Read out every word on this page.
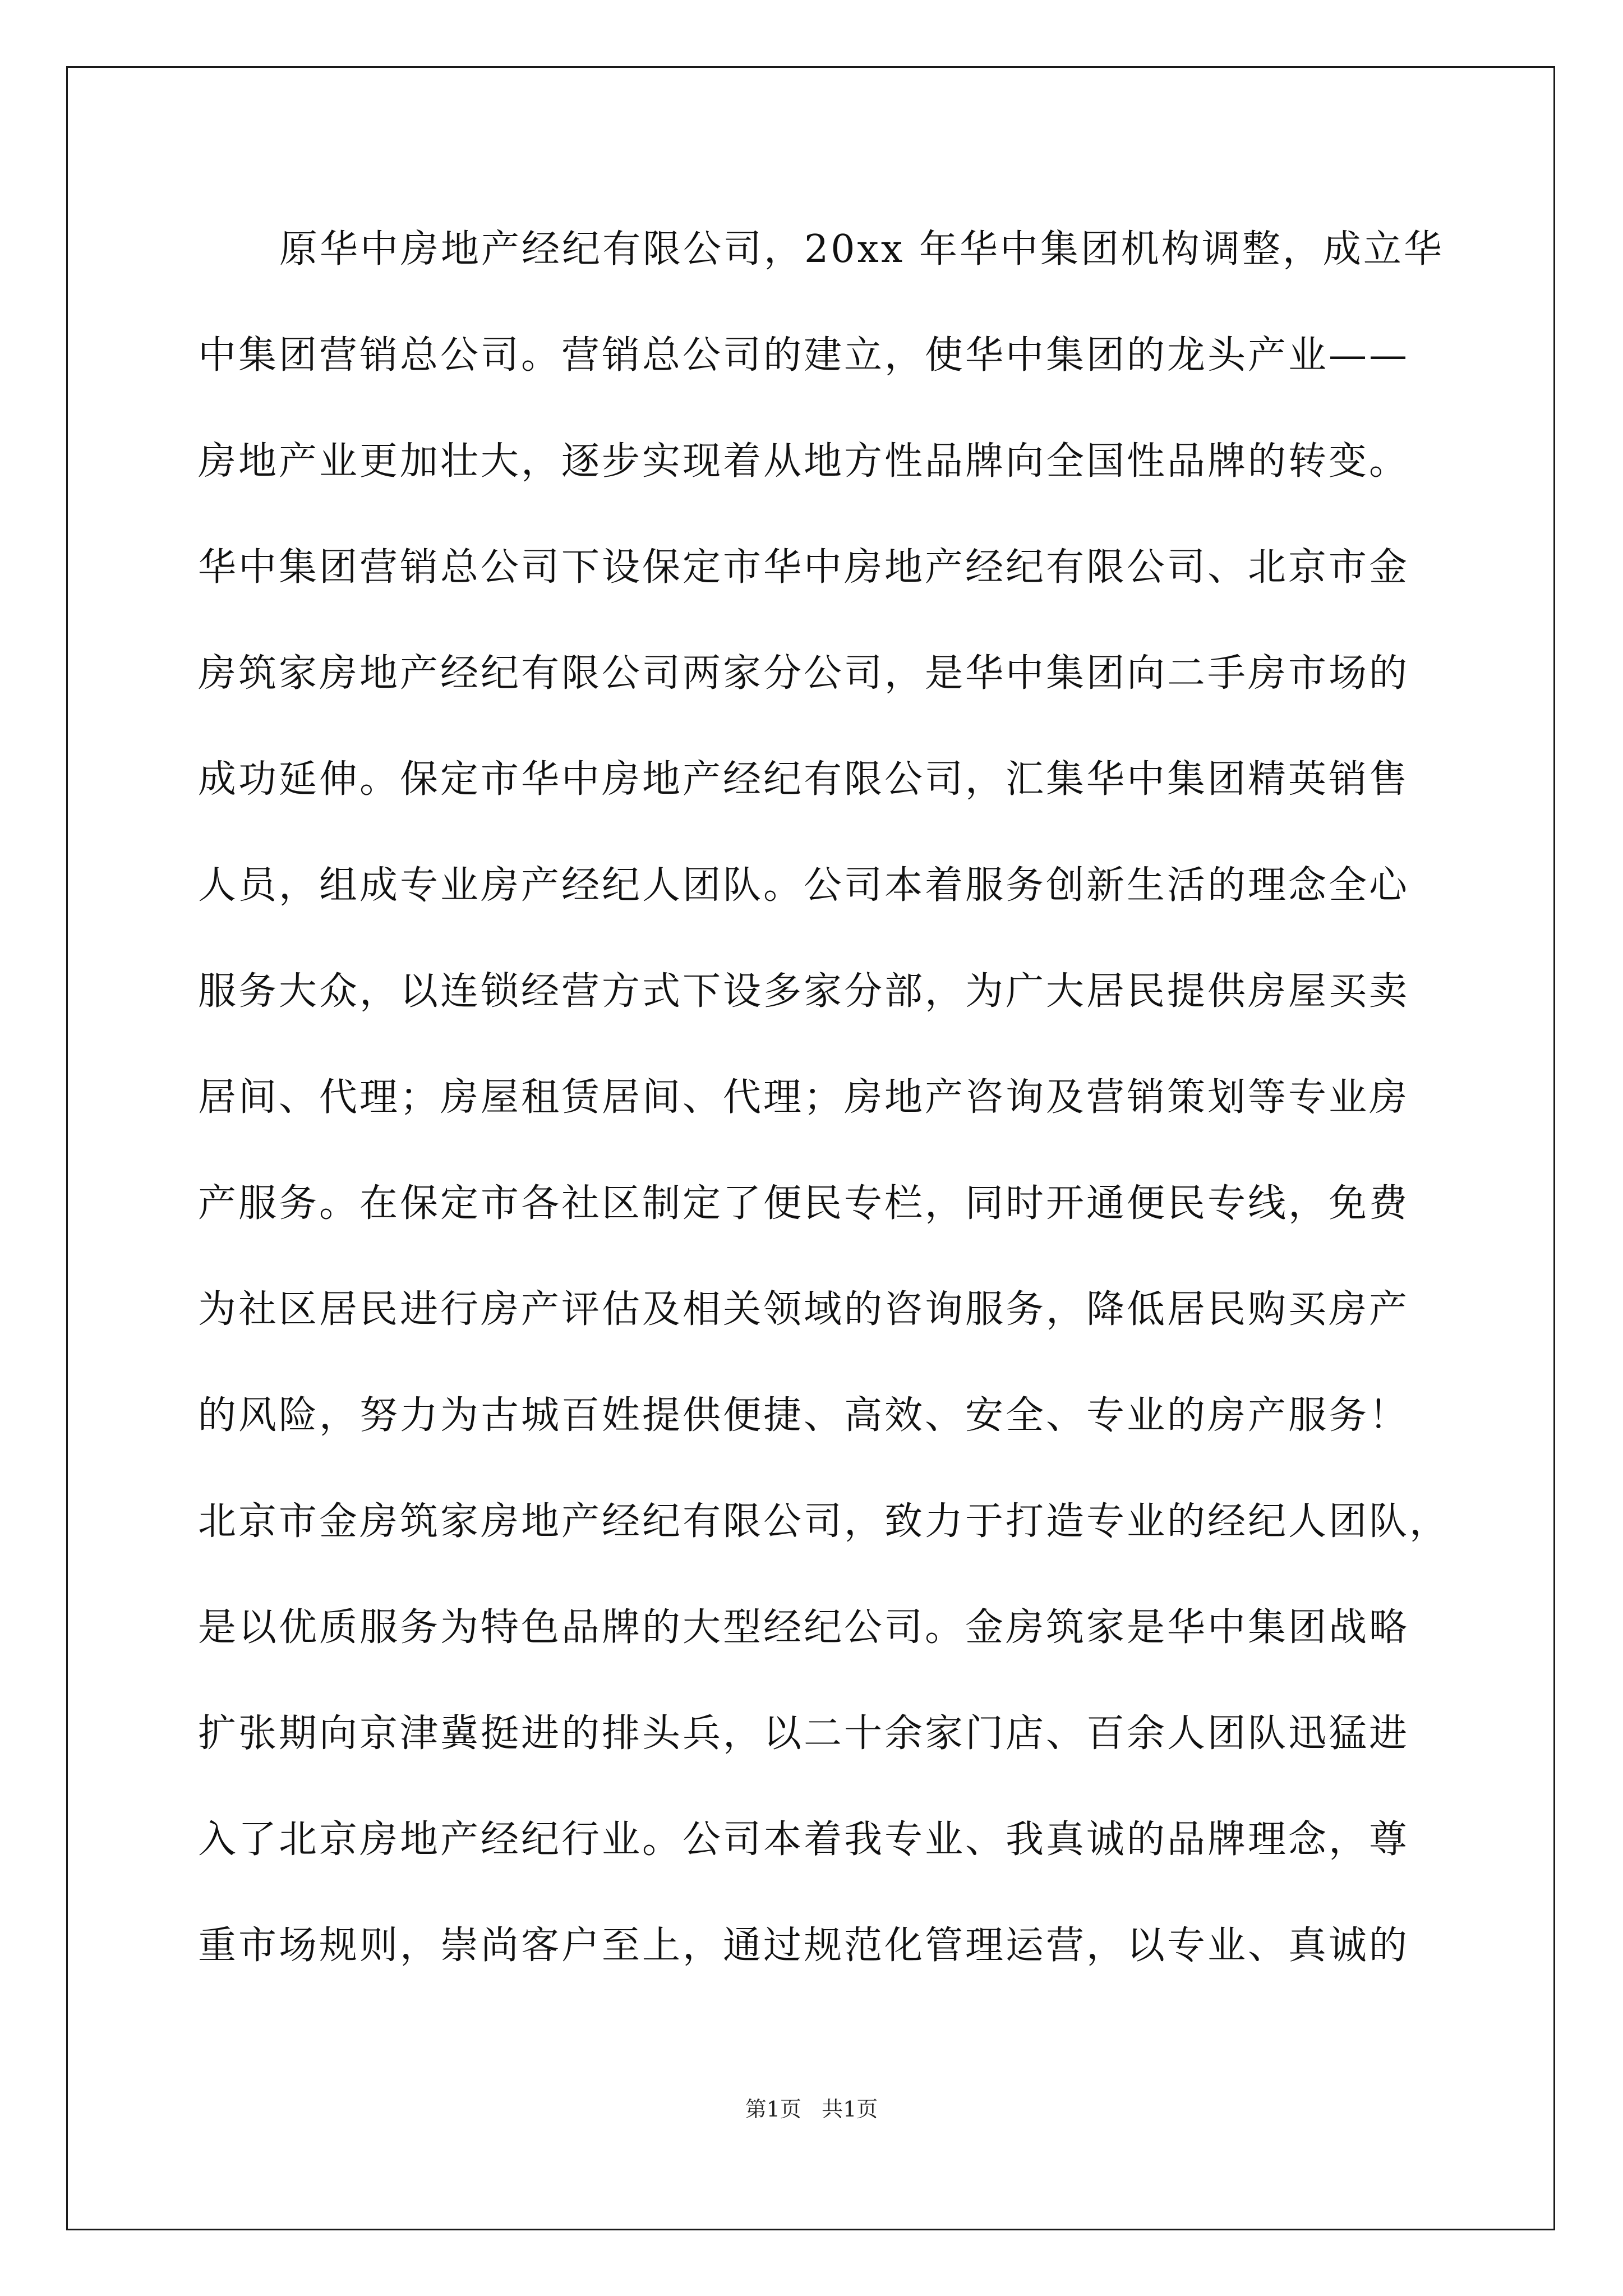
原华中房地产经纪有限公司，20xx 年华中集团机构调整，成立华
中集团营销总公司。营销总公司的建立，使华中集团的龙头产业——
房地产业更加壮大，逐步实现着从地方性品牌向全国性品牌的转变。
华中集团营销总公司下设保定市华中房地产经纪有限公司、北京市金
房筑家房地产经纪有限公司两家分公司，是华中集团向二手房市场的
成功延伸。保定市华中房地产经纪有限公司，汇集华中集团精英销售
人员，组成专业房产经纪人团队。公司本着服务创新生活的理念全心
服务大众，以连锁经营方式下设多家分部，为广大居民提供房屋买卖
居间、代理；房屋租赁居间、代理；房地产咨询及营销策划等专业房
产服务。在保定市各社区制定了便民专栏，同时开通便民专线，免费
为社区居民进行房产评估及相关领域的咨询服务，降低居民购买房产
的风险，努力为古城百姓提供便捷、高效、安全、专业的房产服务！
北京市金房筑家房地产经纪有限公司，致力于打造专业的经纪人团队，
是以优质服务为特色品牌的大型经纪公司。金房筑家是华中集团战略
扩张期向京津冀挺进的排头兵，以二十余家门店、百余人团队迅猛进
入了北京房地产经纪行业。公司本着我专业、我真诚的品牌理念，尊
重市场规则，崇尚客户至上，通过规范化管理运营，以专业、真诚的
第1页   共1页
